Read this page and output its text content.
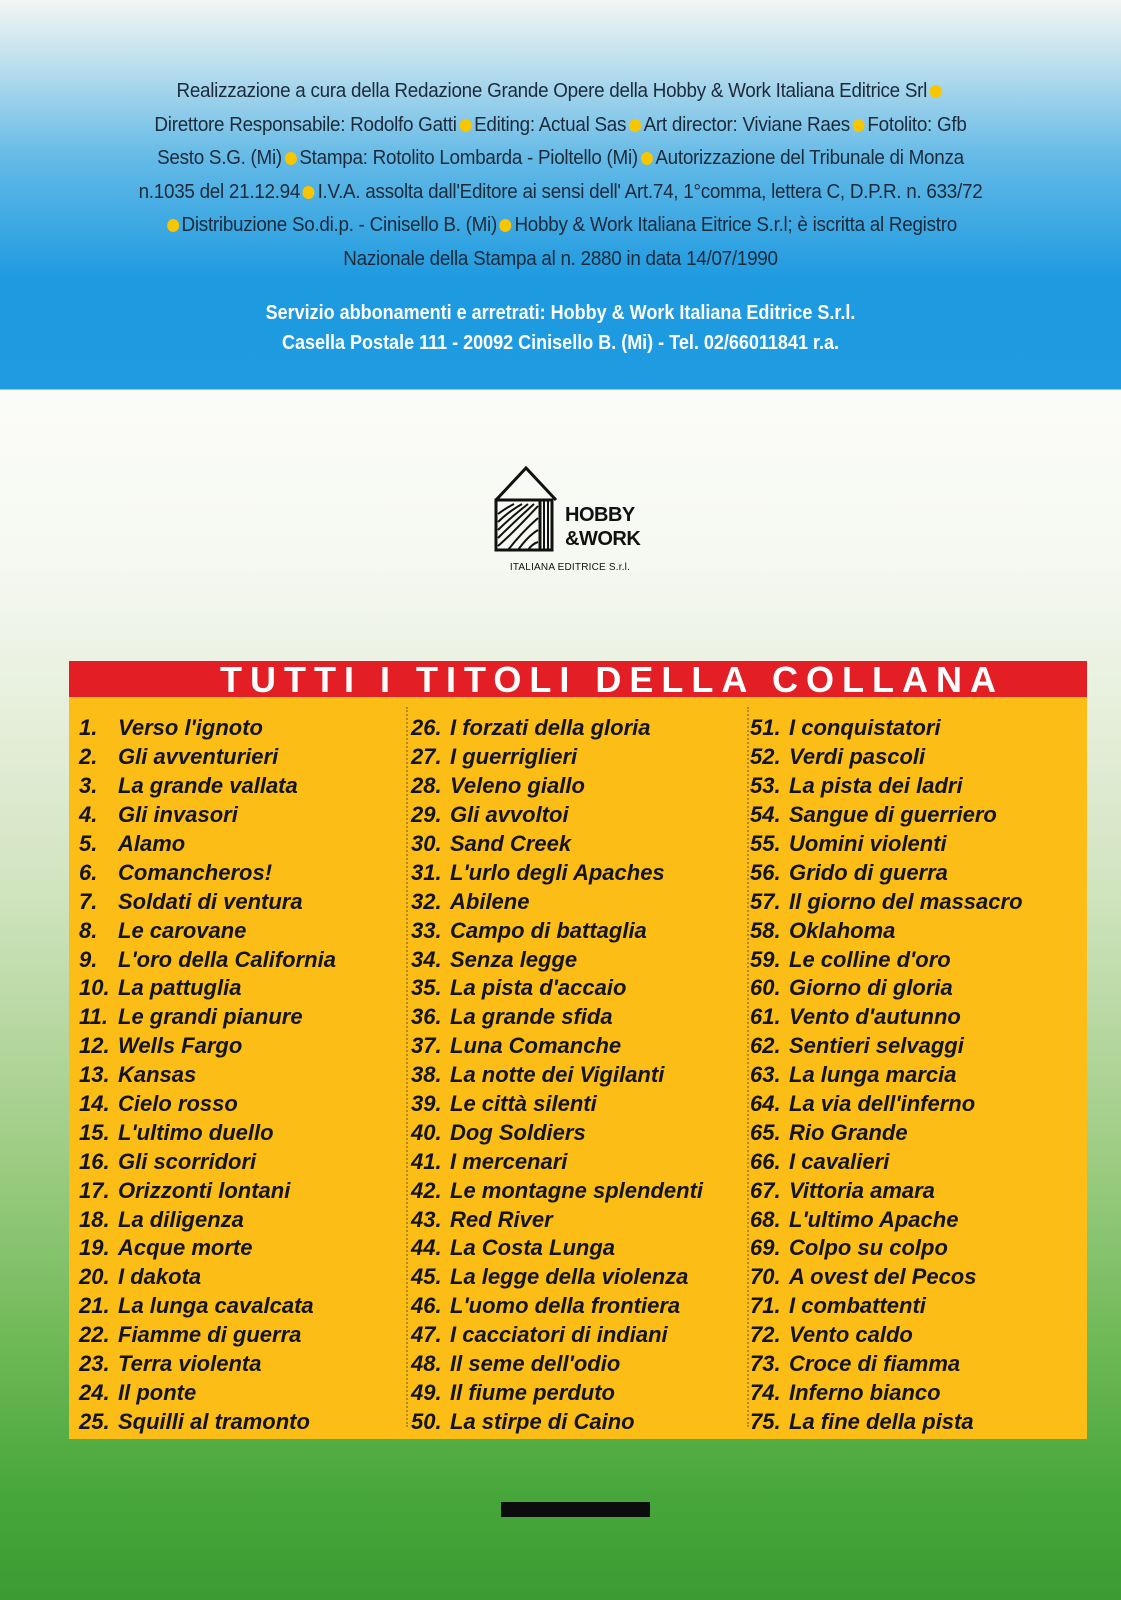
Realizzazione a cura della Redazione Grande Opere della Hobby & Work Italiana Editrice Srl
Direttore Responsabile: Rodolfo Gatti Editing: Actual Sas Art director: Viviane Raes Fotolito: Gfb
Sesto S.G. (Mi) Stampa: Rotolito Lombarda - Pioltello (Mi) Autorizzazione del Tribunale di Monza
n.1035 del 21.12.94 I.V.A. assolta dall'Editore ai sensi dell' Art.74, 1°comma, lettera C, D.P.R. n. 633/72
Distribuzione So.di.p. - Cinisello B. (Mi) Hobby & Work Italiana Eitrice S.r.l; è iscritta al Registro
Nazionale della Stampa al n. 2880 in data 14/07/1990
Servizio abbonamenti e arretrati: Hobby & Work Italiana Editrice S.r.l.
Casella Postale 111 - 20092 Cinisello B. (Mi) - Tel. 02/66011841 r.a.
HOBBY
&WORK
ITALIANA EDITRICE S.r.l.
TUTTI I TITOLI DELLA COLLANA
1. Verso l'ignoto
2. Gli avventurieri
3. La grande vallata
4. Gli invasori
5. Alamo
6. Comancheros!
7. Soldati di ventura
8. Le carovane
9. L'oro della California
10. La pattuglia
11. Le grandi pianure
12. Wells Fargo
13. Kansas
14. Cielo rosso
15. L'ultimo duello
16. Gli scorridori
17. Orizzonti lontani
18. La diligenza
19. Acque morte
20. I dakota
21. La lunga cavalcata
22. Fiamme di guerra
23. Terra violenta
24. Il ponte
25. Squilli al tramonto
26. I forzati della gloria
27. I guerriglieri
28. Veleno giallo
29. Gli avvoltoi
30. Sand Creek
31. L'urlo degli Apaches
32. Abilene
33. Campo di battaglia
34. Senza legge
35. La pista d'accaio
36. La grande sfida
37. Luna Comanche
38. La notte dei Vigilanti
39. Le città silenti
40. Dog Soldiers
41. I mercenari
42. Le montagne splendenti
43. Red River
44. La Costa Lunga
45. La legge della violenza
46. L'uomo della frontiera
47. I cacciatori di indiani
48. Il seme dell'odio
49. Il fiume perduto
50. La stirpe di Caino
51. I conquistatori
52. Verdi pascoli
53. La pista dei ladri
54. Sangue di guerriero
55. Uomini violenti
56. Grido di guerra
57. Il giorno del massacro
58. Oklahoma
59. Le colline d'oro
60. Giorno di gloria
61. Vento d'autunno
62. Sentieri selvaggi
63. La lunga marcia
64. La via dell'inferno
65. Rio Grande
66. I cavalieri
67. Vittoria amara
68. L'ultimo Apache
69. Colpo su colpo
70. A ovest del Pecos
71. I combattenti
72. Vento caldo
73. Croce di fiamma
74. Inferno bianco
75. La fine della pista
